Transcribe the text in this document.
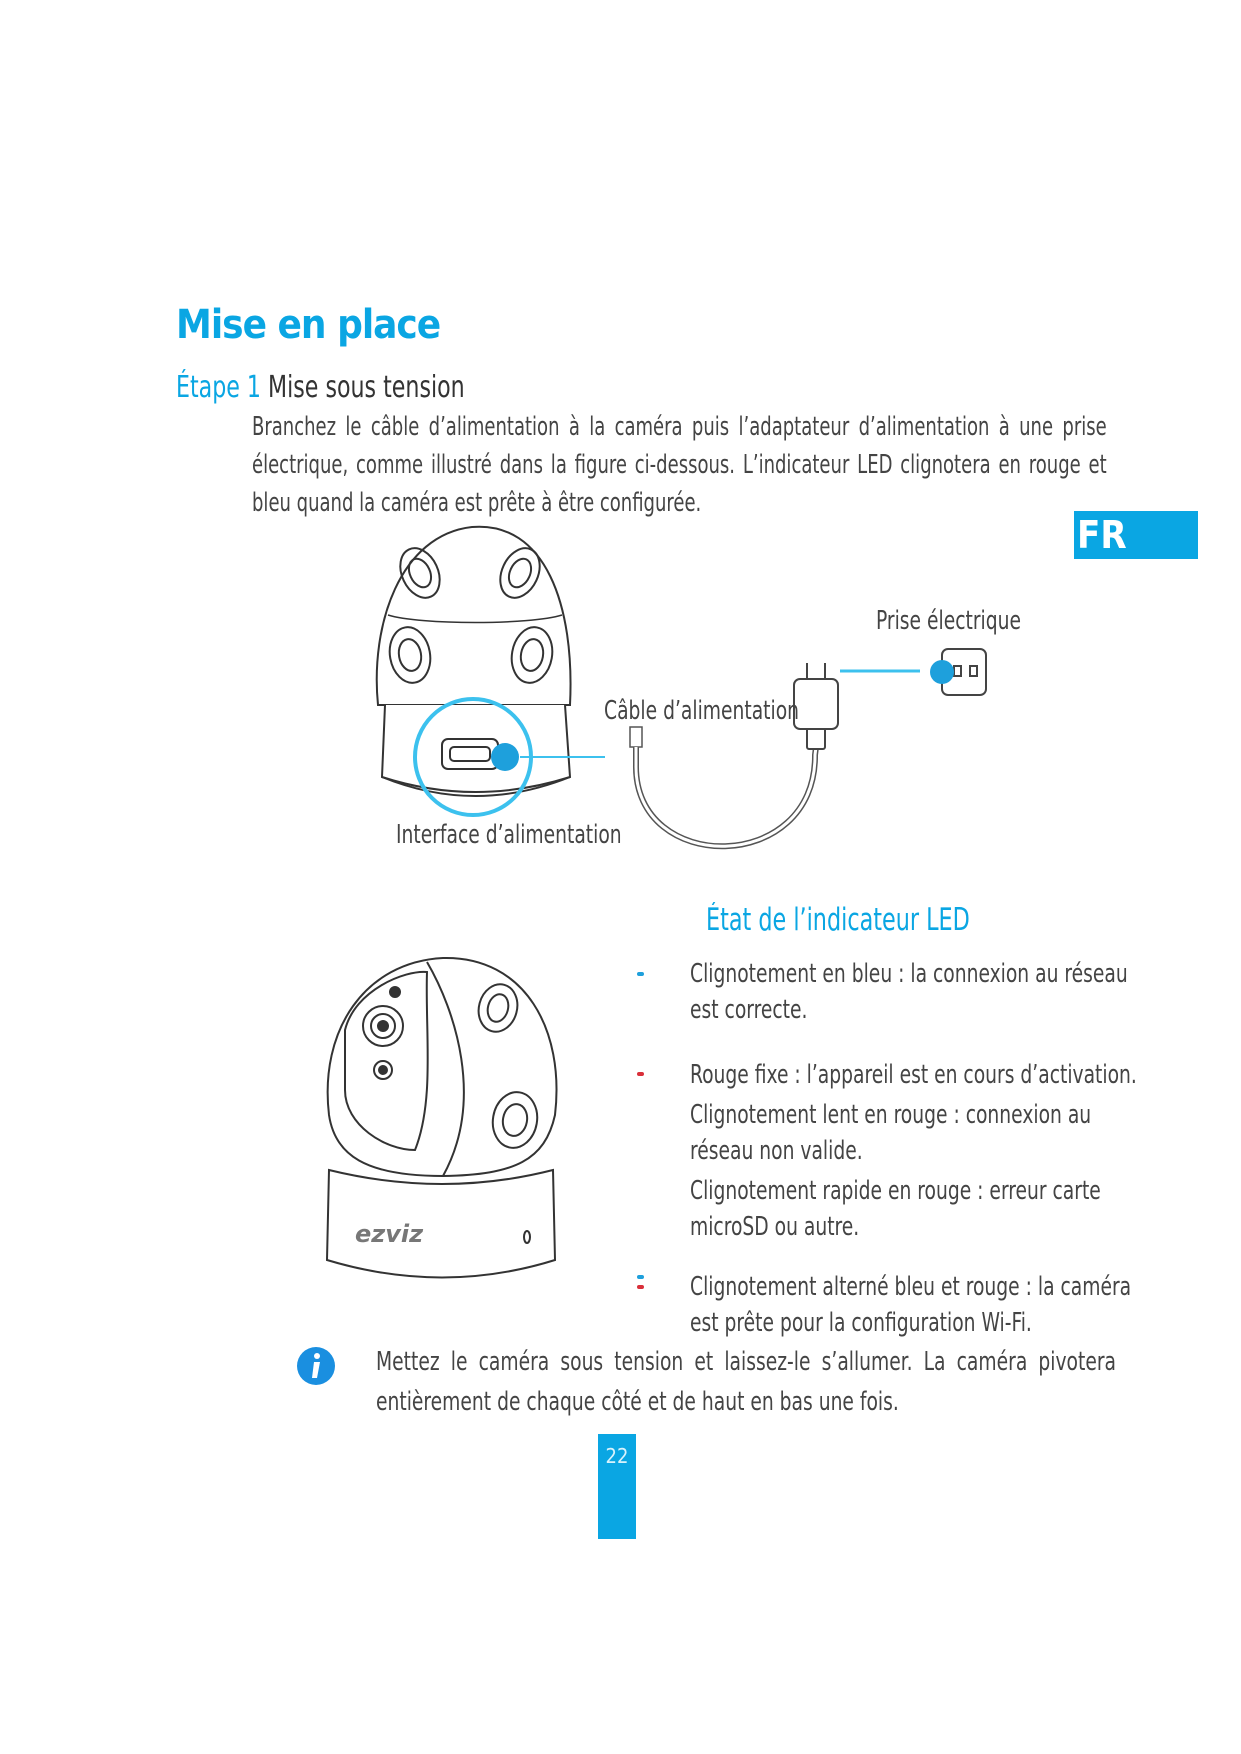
Mise en place
Étape 1 Mise sous tension
Branchez le câble d’alimentation à la caméra puis l’adaptateur d’alimentation à une prise électrique, comme illustré dans la figure ci-dessous. L’indicateur LED clignotera en rouge et bleu quand la caméra est prête à être configurée.
FR
Prise électrique
Câble d’alimentation
Interface d’alimentation
ezviz
État de l’indicateur LED
Clignotement en bleu : la connexion au réseau est correcte.
Rouge fixe : l’appareil est en cours d’activation.
Clignotement lent en rouge : connexion au réseau non valide.
Clignotement rapide en rouge : erreur carte microSD ou autre.
Clignotement alterné bleu et rouge : la caméra est prête pour la configuration Wi-Fi.
Mettez le caméra sous tension et laissez-le s’allumer. La caméra pivotera entièrement de chaque côté et de haut en bas une fois.
22
